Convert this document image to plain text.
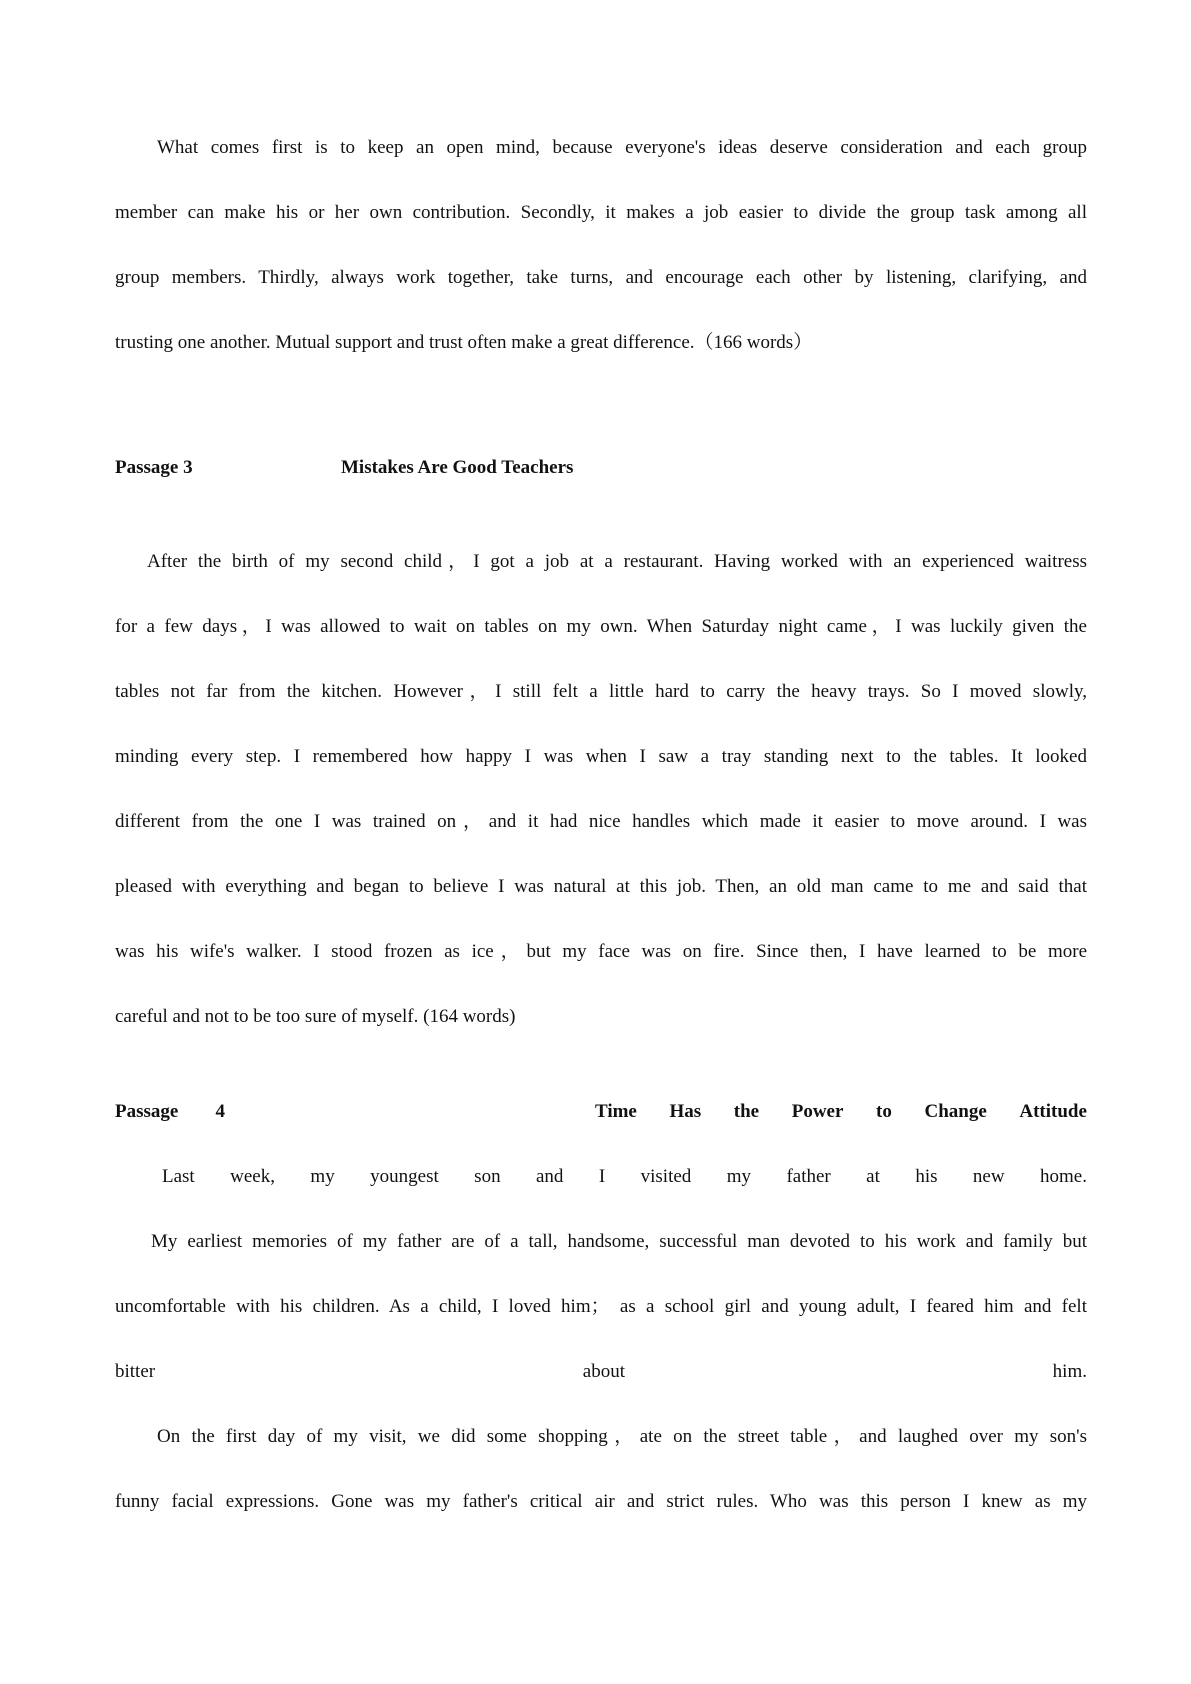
What comes first is to keep an open mind, because everyone's ideas deserve consideration and each group
member can make his or her own contribution. Secondly, it makes a job easier to divide the group task among all
group members. Thirdly, always work together, take turns, and encourage each other by listening, clarifying, and
trusting one another. Mutual support and trust often make a great difference.（166 words）
Passage 3	Mistakes Are Good Teachers
After the birth of my second child，I got a job at a restaurant. Having worked with an experienced waitress
for a few days，I was allowed to wait on tables on my own. When Saturday night came，I was luckily given the
tables not far from the kitchen. However，I still felt a little hard to carry the heavy trays. So I moved slowly,
minding every step. I remembered how happy I was when I saw a tray standing next to the tables. It looked
different from the one I was trained on，and it had nice handles which made it easier to move around. I was
pleased with everything and began to believe I was natural at this job. Then, an old man came to me and said that
was his wife's walker. I stood frozen as ice，but my face was on fire. Since then, I have learned to be more
careful and not to be too sure of myself. (164 words)
Passage 4	Time Has the Power to Change Attitude
Last week, my youngest son and I visited my father at his new home.
My earliest memories of my father are of a tall, handsome, successful man devoted to his work and family but
uncomfortable with his children. As a child, I loved him； as a school girl and young adult, I feared him and felt
bitter about him.
On the first day of my visit, we did some shopping，ate on the street table，and laughed over my son's
funny facial expressions. Gone was my father's critical air and strict rules. Who was this person I knew as my
